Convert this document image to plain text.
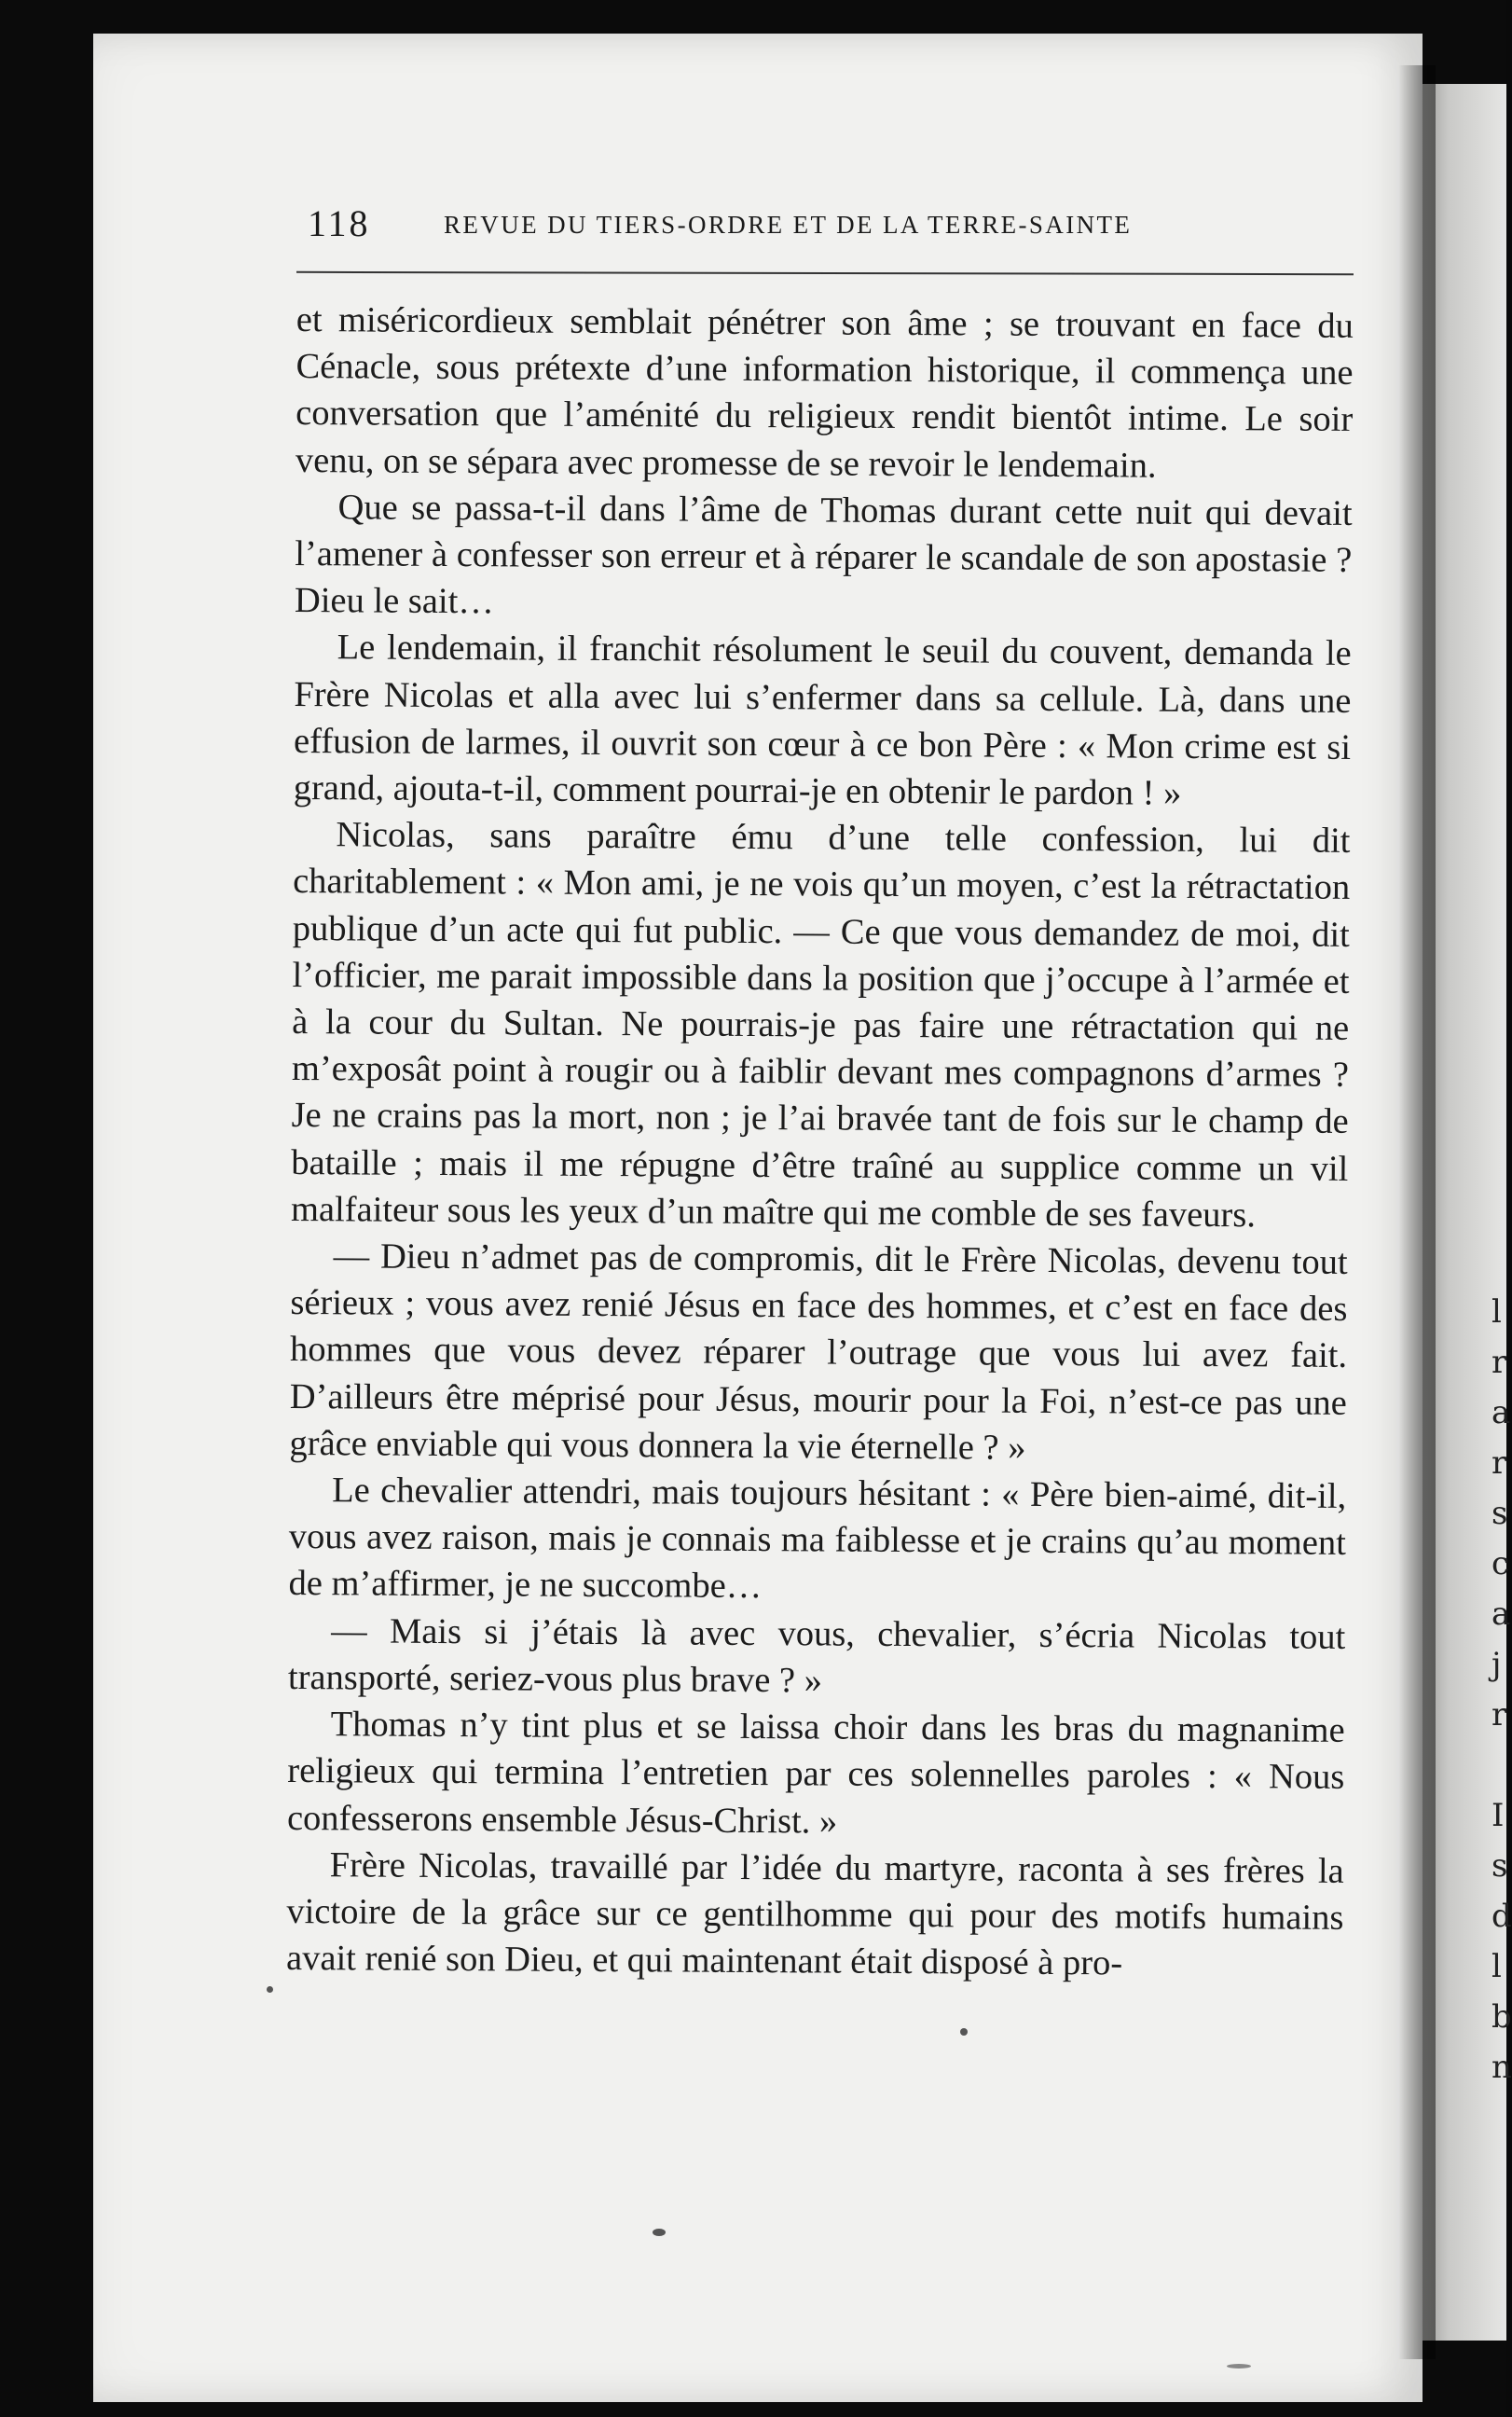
l
r
a
r
s
c
a
j
r

I
s
d
l
b
n
118	REVUE DU TIERS-ORDRE ET DE LA TERRE-SAINTE

et miséricordieux semblait pénétrer son âme ; se trouvant en face du Cénacle, sous prétexte d’une information historique, il commença une conversation que l’aménité du religieux rendit bientôt intime. Le soir venu, on se sépara avec promesse de se revoir le lendemain.

Que se passa-t-il dans l’âme de Thomas durant cette nuit qui devait l’amener à confesser son erreur et à réparer le scandale de son apostasie ? Dieu le sait…

Le lendemain, il franchit résolument le seuil du couvent, demanda le Frère Nicolas et alla avec lui s’enfermer dans sa cellule. Là, dans une effusion de larmes, il ouvrit son cœur à ce bon Père : « Mon crime est si grand, ajouta-t-il, comment pourrai-je en obtenir le pardon ! »

Nicolas, sans paraître ému d’une telle confession, lui dit charitablement : « Mon ami, je ne vois qu’un moyen, c’est la rétractation publique d’un acte qui fut public. — Ce que vous demandez de moi, dit l’officier, me parait impossible dans la position que j’occupe à l’armée et à la cour du Sultan. Ne pourrais-je pas faire une rétractation qui ne m’exposât point à rougir ou à faiblir devant mes compagnons d’armes ? Je ne crains pas la mort, non ; je l’ai bravée tant de fois sur le champ de bataille ; mais il me répugne d’être traîné au supplice comme un vil malfaiteur sous les yeux d’un maître qui me comble de ses faveurs.

— Dieu n’admet pas de compromis, dit le Frère Nicolas, devenu tout sérieux ; vous avez renié Jésus en face des hommes, et c’est en face des hommes que vous devez réparer l’outrage que vous lui avez fait. D’ailleurs être méprisé pour Jésus, mourir pour la Foi, n’est-ce pas une grâce enviable qui vous donnera la vie éternelle ? »

Le chevalier attendri, mais toujours hésitant : « Père bien-aimé, dit-il, vous avez raison, mais je connais ma faiblesse et je crains qu’au moment de m’affirmer, je ne succombe…

— Mais si j’étais là avec vous, chevalier, s’écria Nicolas tout transporté, seriez-vous plus brave ? »

Thomas n’y tint plus et se laissa choir dans les bras du magnanime religieux qui termina l’entretien par ces solennelles paroles : « Nous confesserons ensemble Jésus-Christ. »

Frère Nicolas, travaillé par l’idée du martyre, raconta à ses frères la victoire de la grâce sur ce gentilhomme qui pour des motifs humains avait renié son Dieu, et qui maintenant était disposé à pro-
